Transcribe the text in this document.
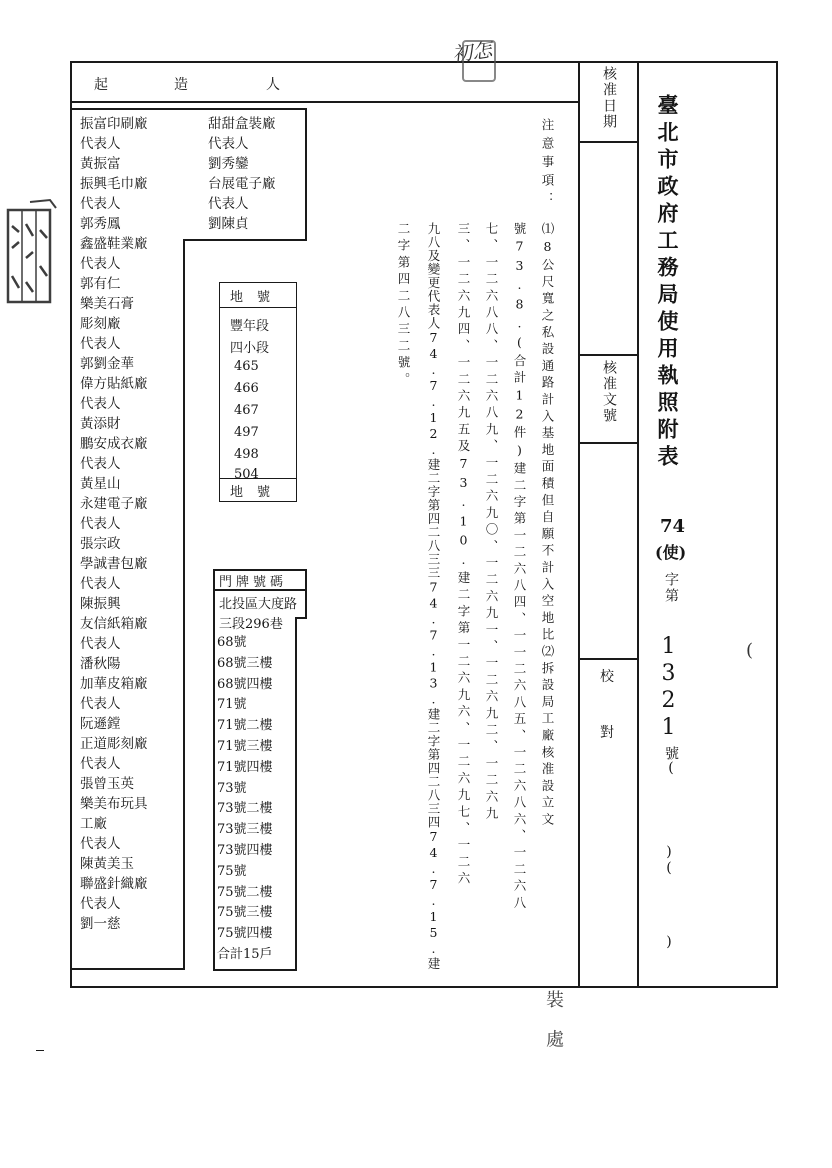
起	造	人
振富印刷廠
代表人
黃振富
振興毛巾廠
代表人
郭秀鳳
鑫盛鞋業廠
代表人
郭有仁
樂美石膏
彫刻廠
代表人
郭劉金華
偉方貼紙廠
代表人
黃添財
鵬安成衣廠
代表人
黃星山
永建電子廠
代表人
張宗政
學誠書包廠
代表人
陳振興
友信紙箱廠
代表人
潘秋陽
加華皮箱廠
代表人
阮遜鏜
正道彫刻廠
代表人
張曾玉英
樂美布玩具
工廠
代表人
陳黃美玉
聯盛針織廠
代表人
劉一慈
甜甜盒裝廠
代表人
劉秀鑾
台展電子廠
代表人
劉陳貞
地號
豐年段
四小段
465
466
467
497
498
504
地號
門牌號碼
北投區大度路
三段296巷
68號
68號三樓
68號四樓
71號
71號二樓
71號三樓
71號四樓
73號
73號二樓
73號三樓
73號四樓
75號
75號二樓
75號三樓
75號四樓
合計15戶
注意事項：
⑴8公尺寬之私設通路計入基地面積但自願不計入空地比⑵拆設局工廠核准設立文
號73.8.(合計12件)建二字第一二六八四、一一二六八五、一二六八六、一二六八
七、一二六八八、一二六八九、一二六九〇、一二六九一、一二六九二、一二六九
三、一二六九四、一二六九五及73.10.建二字第一二六九六、一二六九七、一二六
九八及變更代表人74.7.12.建二字第四二八三三74.7.13.建二字第四二八三四74.7.15.建
二字第四二八三二號。
核准日期
核准文號
校
對
臺北市政府工務局使用執照附表
74
(使)
字第
1321
號(
)(
)
初怎
裝 處
(
